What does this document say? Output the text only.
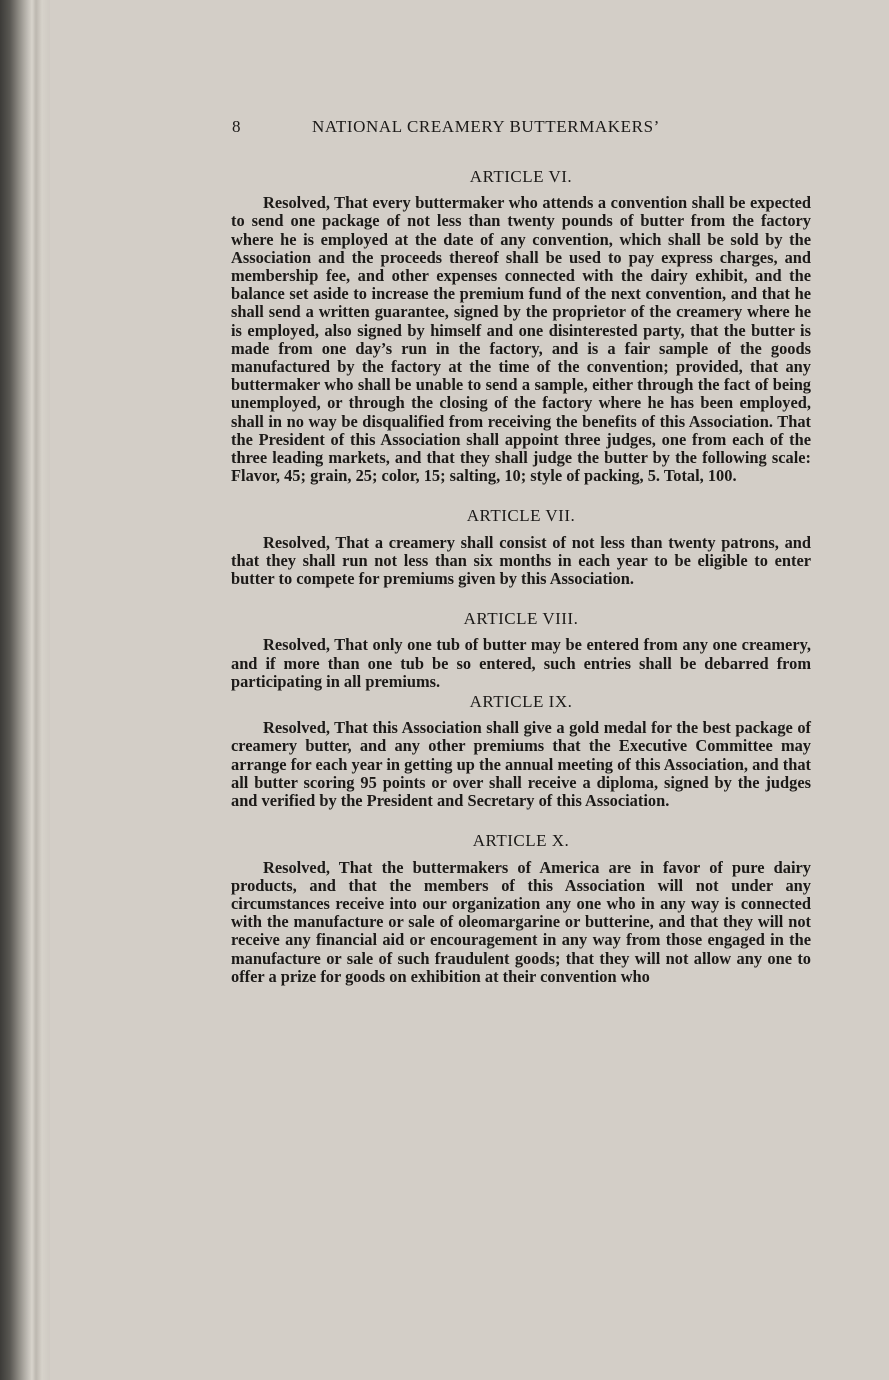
8	NATIONAL CREAMERY BUTTERMAKERS’
ARTICLE VI.

Resolved, That every buttermaker who attends a convention shall be expected to send one package of not less than twenty pounds of butter from the factory where he is employed at the date of any convention, which shall be sold by the Association and the proceeds thereof shall be used to pay express charges, and membership fee, and other expenses connected with the dairy exhibit, and the balance set aside to increase the premium fund of the next convention, and that he shall send a written guarantee, signed by the proprietor of the creamery where he is employed, also signed by himself and one disinterested party, that the butter is made from one day’s run in the factory, and is a fair sample of the goods manufactured by the factory at the time of the convention; provided, that any buttermaker who shall be unable to send a sample, either through the fact of being unemployed, or through the closing of the factory where he has been employed, shall in no way be disqualified from receiving the benefits of this Association. That the President of this Association shall appoint three judges, one from each of the three leading markets, and that they shall judge the butter by the following scale: Flavor, 45; grain, 25; color, 15; salting, 10; style of packing, 5. Total, 100.

ARTICLE VII.

Resolved, That a creamery shall consist of not less than twenty patrons, and that they shall run not less than six months in each year to be eligible to enter butter to compete for premiums given by this Association.

ARTICLE VIII.

Resolved, That only one tub of butter may be entered from any one creamery, and if more than one tub be so entered, such entries shall be debarred from participating in all premiums.

ARTICLE IX.

Resolved, That this Association shall give a gold medal for the best package of creamery butter, and any other premiums that the Executive Committee may arrange for each year in getting up the annual meeting of this Association, and that all butter scoring 95 points or over shall receive a diploma, signed by the judges and verified by the President and Secretary of this Association.

ARTICLE X.

Resolved, That the buttermakers of America are in favor of pure dairy products, and that the members of this Association will not under any circumstances receive into our organization any one who in any way is connected with the manufacture or sale of oleomargarine or butterine, and that they will not receive any financial aid or encouragement in any way from those engaged in the manufacture or sale of such fraudulent goods; that they will not allow any one to offer a prize for goods on exhibition at their convention who
